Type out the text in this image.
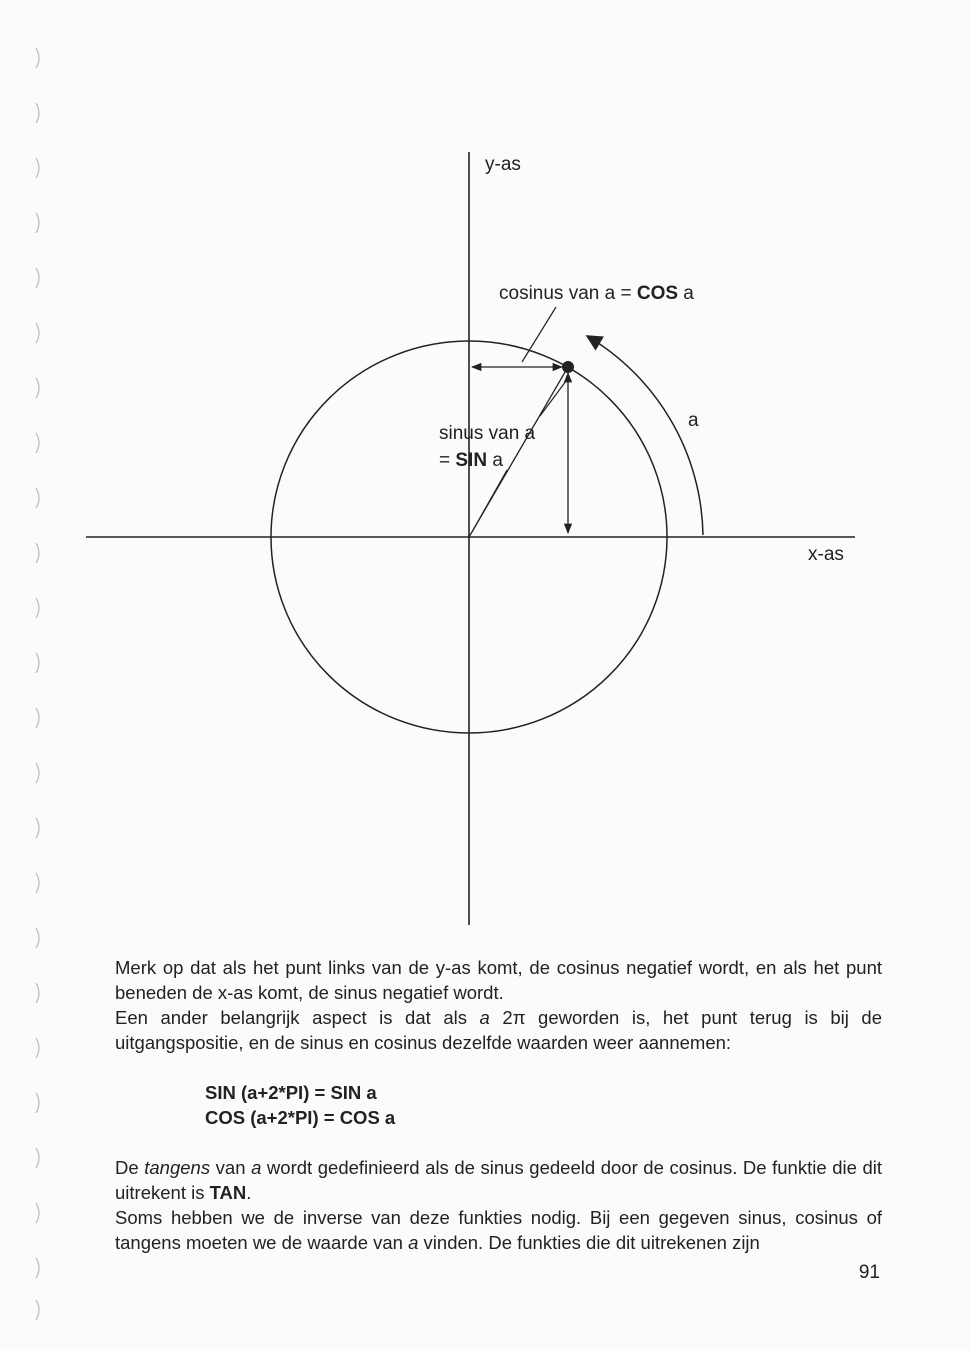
y-as
x-as
cosinus van a = COS a
sinus van a
= SIN a
a

Merk op dat als het punt links van de y-as komt, de cosinus negatief wordt, en als het punt beneden de x-as komt, de sinus negatief wordt.

Een ander belangrijk aspect is dat als a 2π geworden is, het punt terug is bij de uitgangspositie, en de sinus en cosinus dezelfde waarden weer aannemen:

SIN (a+2*PI) = SIN a

COS (a+2*PI) = COS a

De tangens van a wordt gedefinieerd als de sinus gedeeld door de cosinus. De funktie die dit uitrekent is TAN.

Soms hebben we de inverse van deze funkties nodig. Bij een gegeven sinus, cosinus of tangens moeten we de waarde van a vinden. De funkties die dit uitrekenen zijn

91
